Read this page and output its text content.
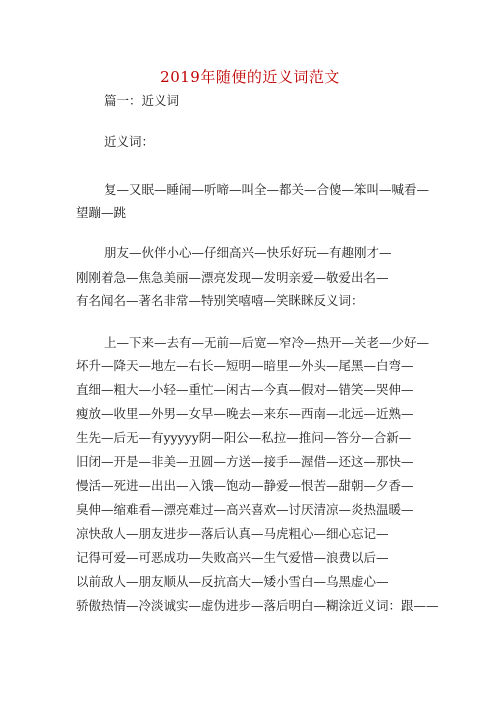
2019年随便的近义词范文
篇一：近义词
近义词：
复—又眠—睡闹—听啼—叫全—都关—合傻—笨叫—喊看—
望蹦—跳
朋友—伙伴小心—仔细高兴—快乐好玩—有趣刚才—
刚刚着急—焦急美丽—漂亮发现—发明亲爱—敬爱出名—
有名闻名—著名非常—特别笑嘻嘻—笑眯眯反义词：
上—下来—去有—无前—后宽—窄冷—热开—关老—少好—
坏升—降天—地左—右长—短明—暗里—外头—尾黑—白弯—
直细—粗大—小轻—重忙—闲古—今真—假对—错笑—哭伸—
瘦放—收里—外男—女早—晚去—来东—西南—北远—近熟—
生先—后无—有yyyyy阴—阳公—私拉—推问—答分—合新—
旧闭—开是—非美—丑圆—方送—接手—渥借—还这—那快—
慢活—死进—出出—入饿—饱动—静爱—恨苦—甜朝—夕香—
臭伸—缩难看—漂亮难过—高兴喜欢—讨厌清凉—炎热温暖—
凉快敌人—朋友进步—落后认真—马虎粗心—细心忘记—
记得可爱—可恶成功—失败高兴—生气爱惜—浪费以后—
以前敌人—朋友顺从—反抗高大—矮小雪白—乌黑虚心—
骄傲热情—冷淡诚实—虚伪进步—落后明白—糊涂近义词：跟——
